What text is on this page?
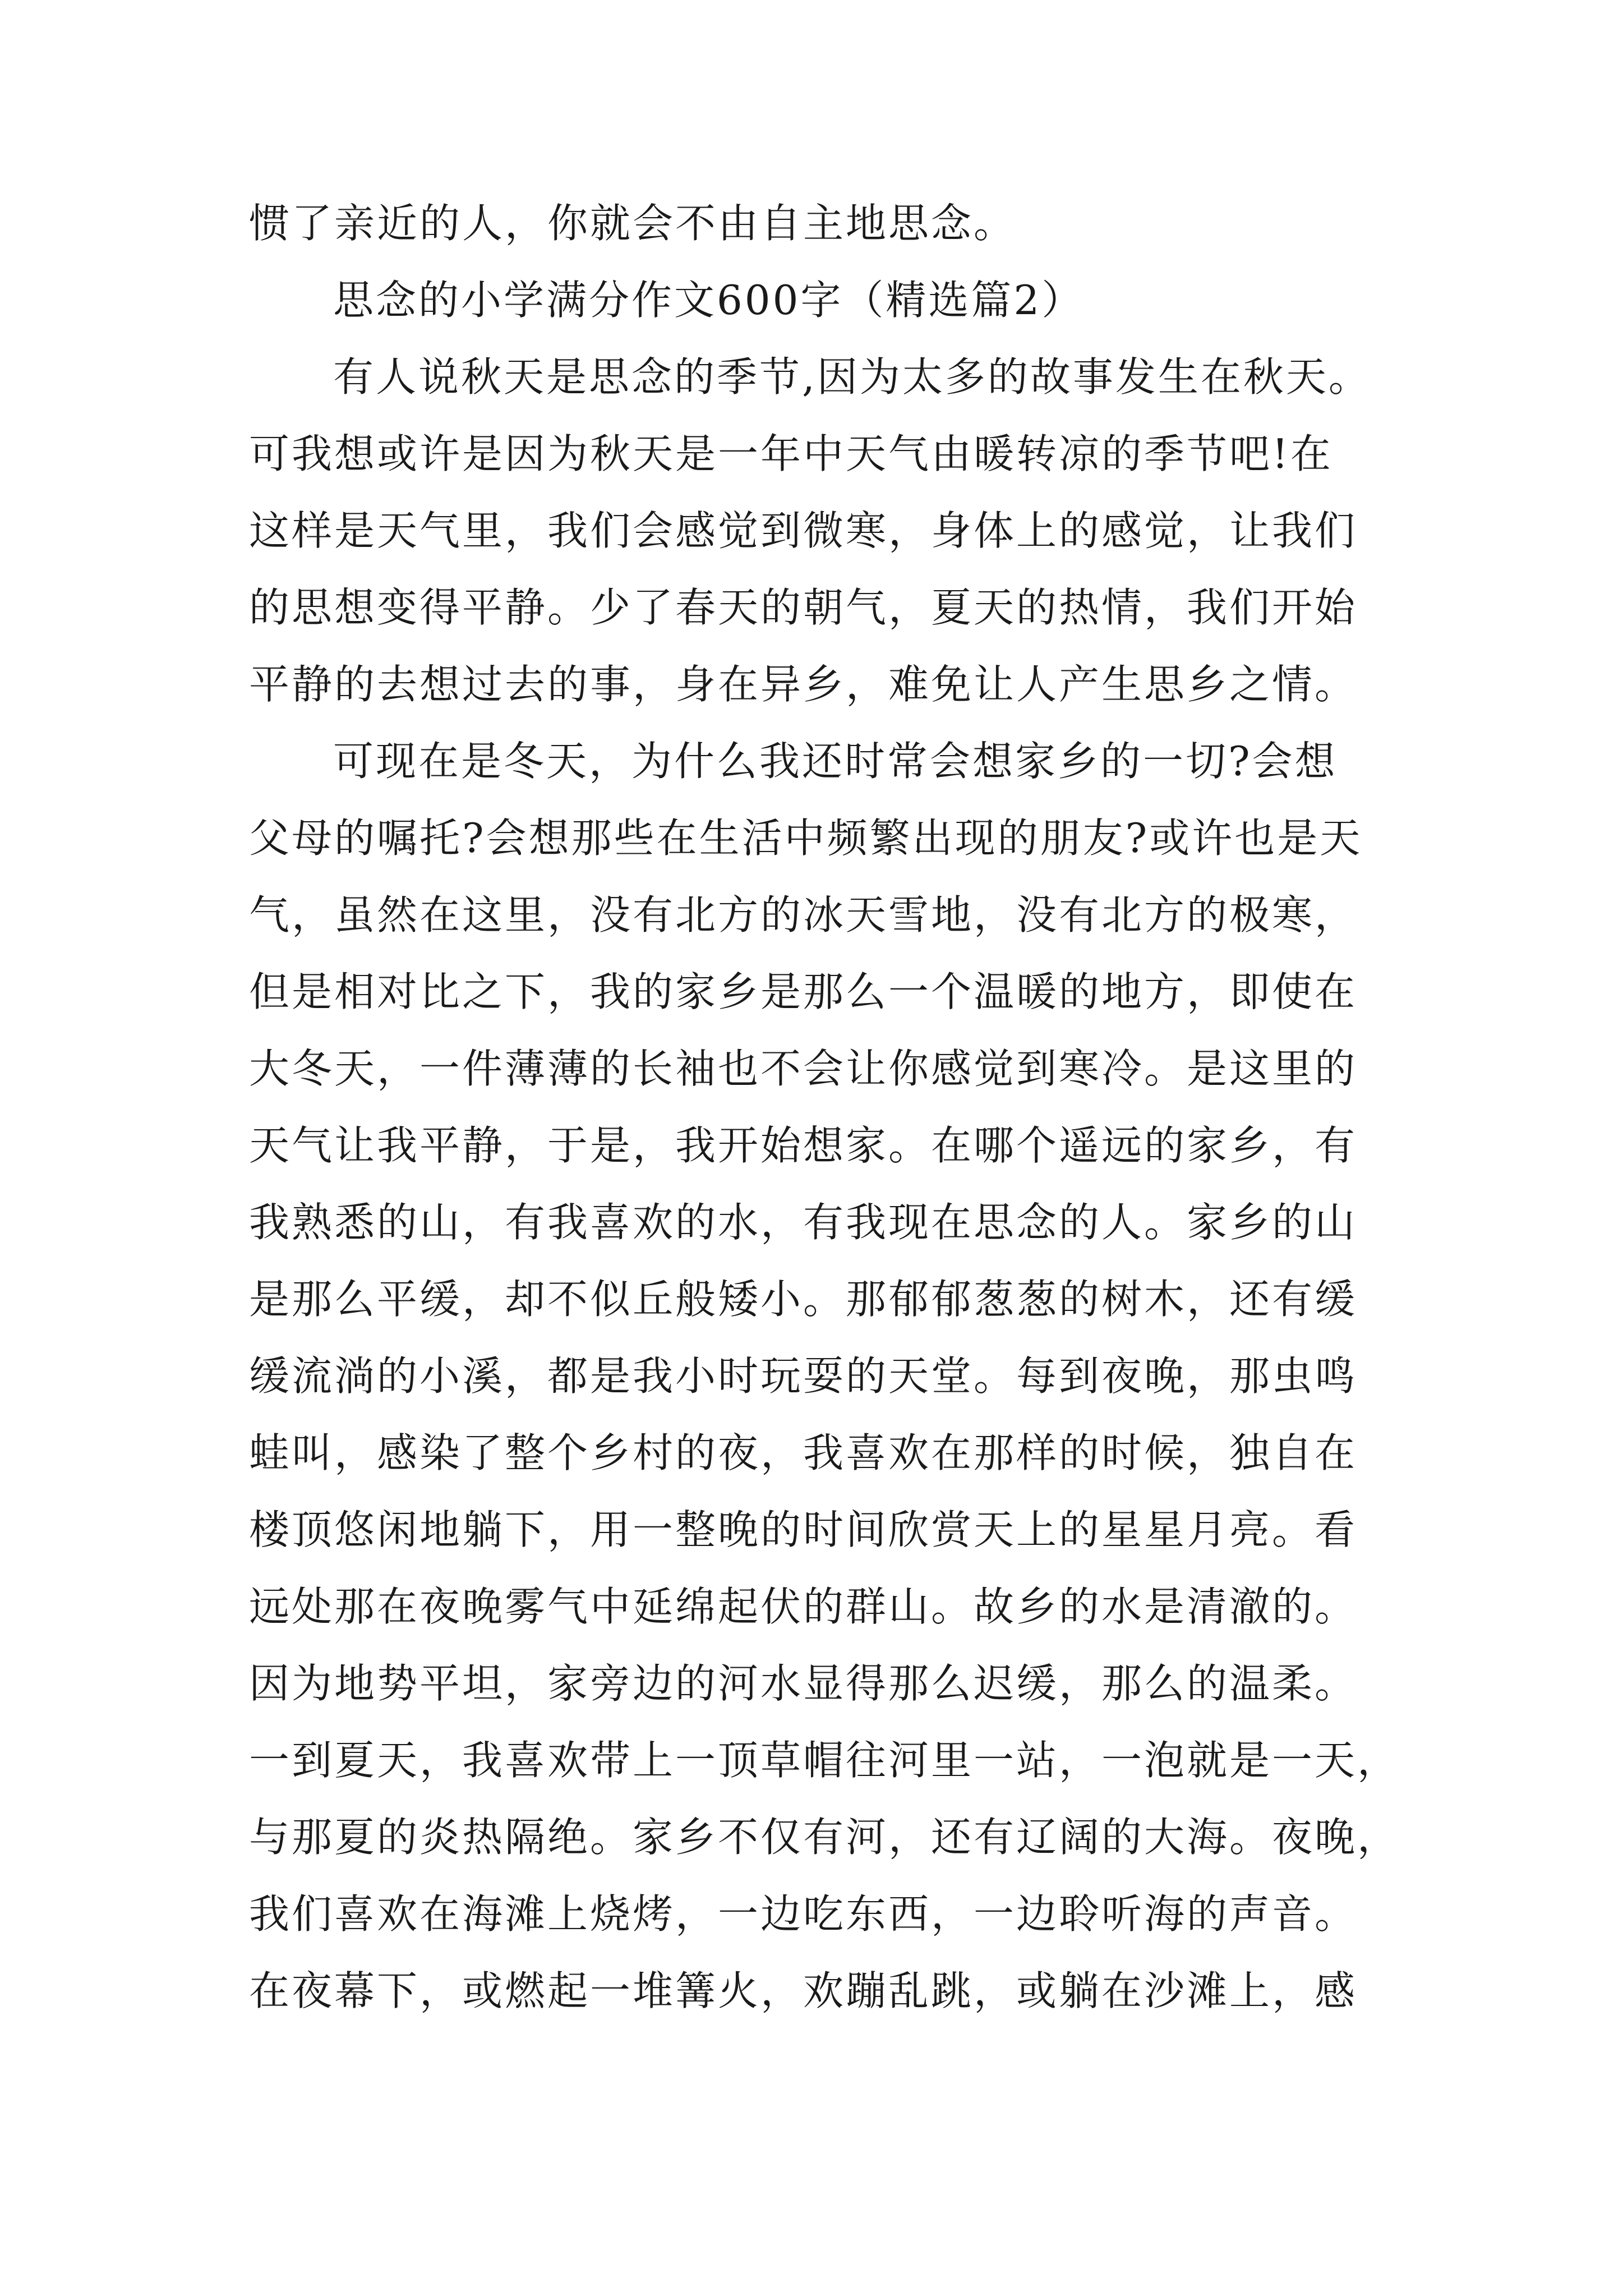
惯了亲近的人，你就会不由自主地思念。
思念的小学满分作文600字（精选篇2）
有人说秋天是思念的季节,因为太多的故事发生在秋天。
可我想或许是因为秋天是一年中天气由暖转凉的季节吧!在
这样是天气里，我们会感觉到微寒，身体上的感觉，让我们
的思想变得平静。少了春天的朝气，夏天的热情，我们开始
平静的去想过去的事，身在异乡，难免让人产生思乡之情。
可现在是冬天，为什么我还时常会想家乡的一切?会想
父母的嘱托?会想那些在生活中频繁出现的朋友?或许也是天
气，虽然在这里，没有北方的冰天雪地，没有北方的极寒，
但是相对比之下，我的家乡是那么一个温暖的地方，即使在
大冬天，一件薄薄的长袖也不会让你感觉到寒冷。是这里的
天气让我平静，于是，我开始想家。在哪个遥远的家乡，有
我熟悉的山，有我喜欢的水，有我现在思念的人。家乡的山
是那么平缓，却不似丘般矮小。那郁郁葱葱的树木，还有缓
缓流淌的小溪，都是我小时玩耍的天堂。每到夜晚，那虫鸣
蛙叫，感染了整个乡村的夜，我喜欢在那样的时候，独自在
楼顶悠闲地躺下，用一整晚的时间欣赏天上的星星月亮。看
远处那在夜晚雾气中延绵起伏的群山。故乡的水是清澈的。
因为地势平坦，家旁边的河水显得那么迟缓，那么的温柔。
一到夏天，我喜欢带上一顶草帽往河里一站，一泡就是一天，
与那夏的炎热隔绝。家乡不仅有河，还有辽阔的大海。夜晚，
我们喜欢在海滩上烧烤，一边吃东西，一边聆听海的声音。
在夜幕下，或燃起一堆篝火，欢蹦乱跳，或躺在沙滩上，感
